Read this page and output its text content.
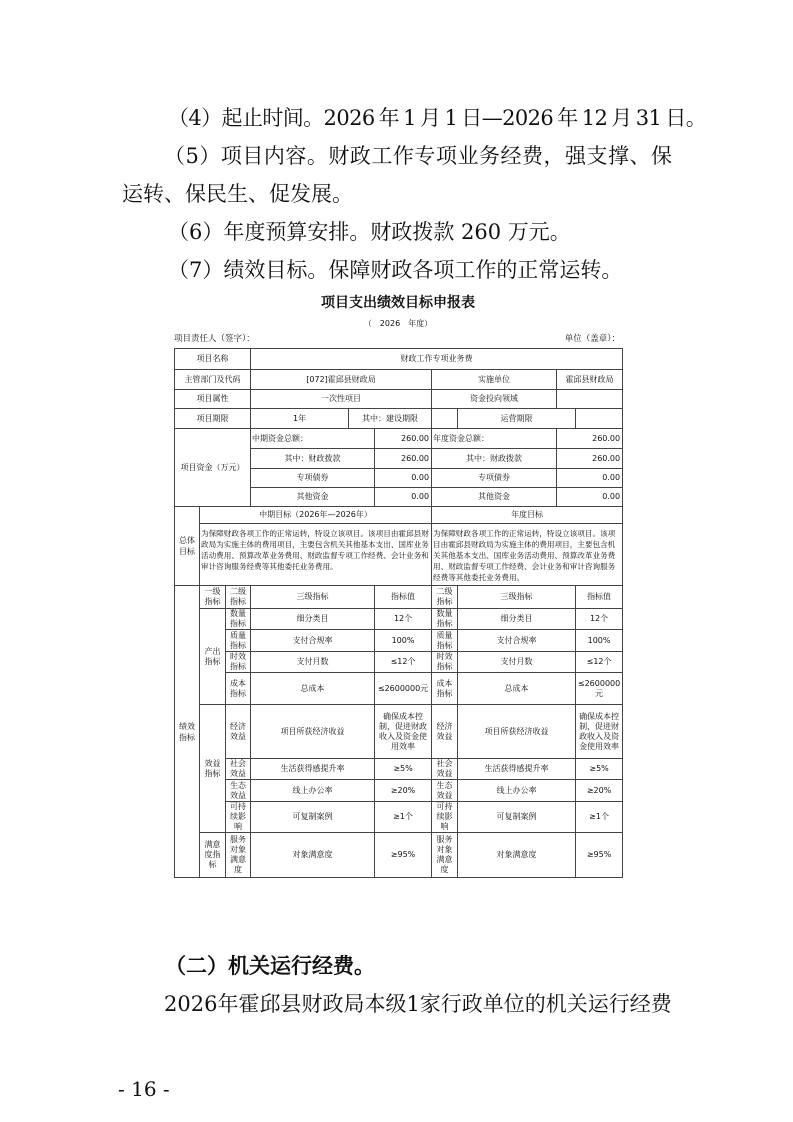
（4）起止时间。2026 年 1 月 1 日—2026 年 12 月 31 日。

（5）项目内容。财政工作专项业务经费，强支撑、保运转、保民生、促发展。

（6）年度预算安排。财政拨款 260 万元。

（7）绩效目标。保障财政各项工作的正常运转。

项目支出绩效目标申报表
（　2026　年度）
项目责任人（签字）：	单位（盖章）：
项目名称			财政工作专项业务费						
主管部门及代码			[072]霍邱县财政局			实施单位		霍邱县财政局	
项目属性			一次性项目			资金投向领域			
项目期限			1年	其中：建设期限			运营期限		
项目资金（万元）			中期资金总额：		260.00	年度资金总额：		260.00	
			其中：财政拨款		260.00	其中：财政拨款		260.00	
			专项债券		0.00	专项债券		0.00	
			其他资金		0.00	其他资金		0.00	
总体目标	中期目标（2026年—2026年）					年度目标			
	为保障财政各项工作的正常运转，特设立该项目。该项目由霍邱县财政局为实施主体的费用项目，主要包含机关其他基本支出、国库业务活动费用、预算改革业务费用、财政监督专项工作经费、会计业务和审计咨询服务经费等其他委托业务费用。					为保障财政各项工作的正常运转，特设立该项目。该项目由霍邱县财政局为实施主体的费用项目，主要包含机关其他基本支出、国库业务活动费用、预算改革业务费用、财政监督专项工作经费、会计业务和审计咨询服务经费等其他委托业务费用。			
绩效指标	一级指标	二级指标	三级指标		指标值	二级指标	三级指标		指标值
	产出指标	数量指标	细分类目		12个	数量指标	细分类目		12个
		质量指标	支付合规率		100%	质量指标	支付合规率		100%
		时效指标	支付月数		≤12个	时效指标	支付月数		≤12个
		成本指标	总成本		≤2600000元	成本指标	总成本		≤2600000元
	效益指标	经济效益	项目所获经济收益		确保成本控制，促进财政收入及资金使用效率	经济效益	项目所获经济收益		确保成本控制，促进财政收入及资金使用效率
		社会效益	生活获得感提升率		≥5%	社会效益	生活获得感提升率		≥5%
		生态效益	线上办公率		≥20%	生态效益	线上办公率		≥20%
		可持续影响	可复制案例		≥1个	可持续影响	可复制案例		≥1个
	满意度指标	服务对象满意度	对象满意度		≥95%	服务对象满意度	对象满意度		≥95%
（二）机关运行经费。

2026年霍邱县财政局本级1家行政单位的机关运行经费

- 16 -
